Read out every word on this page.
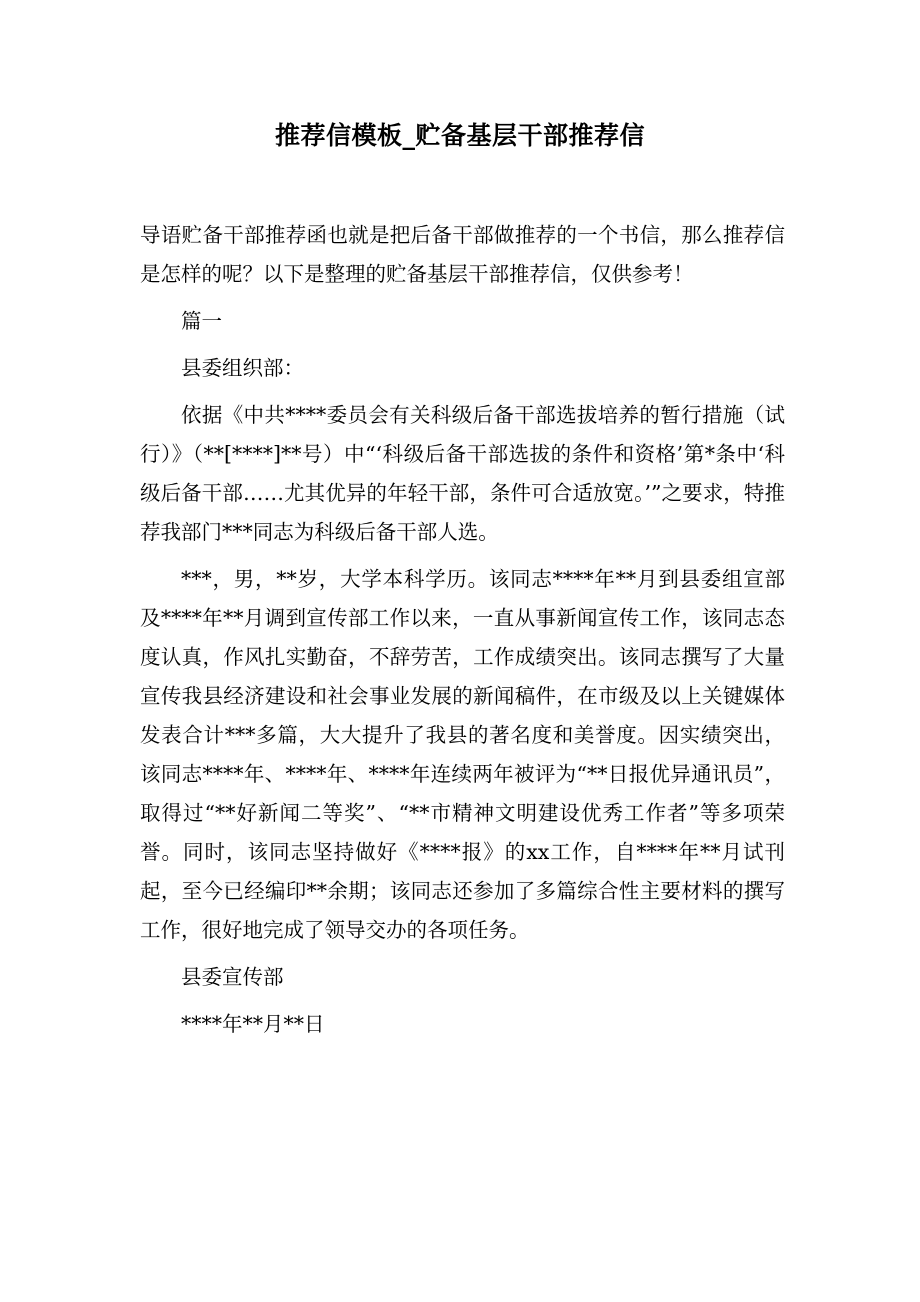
推荐信模板_贮备基层干部推荐信

导语贮备干部推荐函也就是把后备干部做推荐的一个书信，那么推荐信是怎样的呢？以下是整理的贮备基层干部推荐信，仅供参考！

篇一

县委组织部：

依据《中共****委员会有关科级后备干部选拔培养的暂行措施（试行）》（**[****]**号）中“‘科级后备干部选拔的条件和资格’第*条中‘科级后备干部……尤其优异的年轻干部，条件可合适放宽。’”之要求，特推荐我部门***同志为科级后备干部人选。

***，男，**岁，大学本科学历。该同志****年**月到县委组宣部及****年**月调到宣传部工作以来，一直从事新闻宣传工作，该同志态度认真，作风扎实勤奋，不辞劳苦，工作成绩突出。该同志撰写了大量宣传我县经济建设和社会事业发展的新闻稿件，在市级及以上关键媒体发表合计***多篇，大大提升了我县的著名度和美誉度。因实绩突出，该同志****年、****年、****年连续两年被评为“**日报优异通讯员”，取得过“**好新闻二等奖”、“**市精神文明建设优秀工作者”等多项荣誉。同时，该同志坚持做好《****报》的xx工作，自****年**月试刊起，至今已经编印**余期；该同志还参加了多篇综合性主要材料的撰写工作，很好地完成了领导交办的各项任务。

县委宣传部

****年**月**日
